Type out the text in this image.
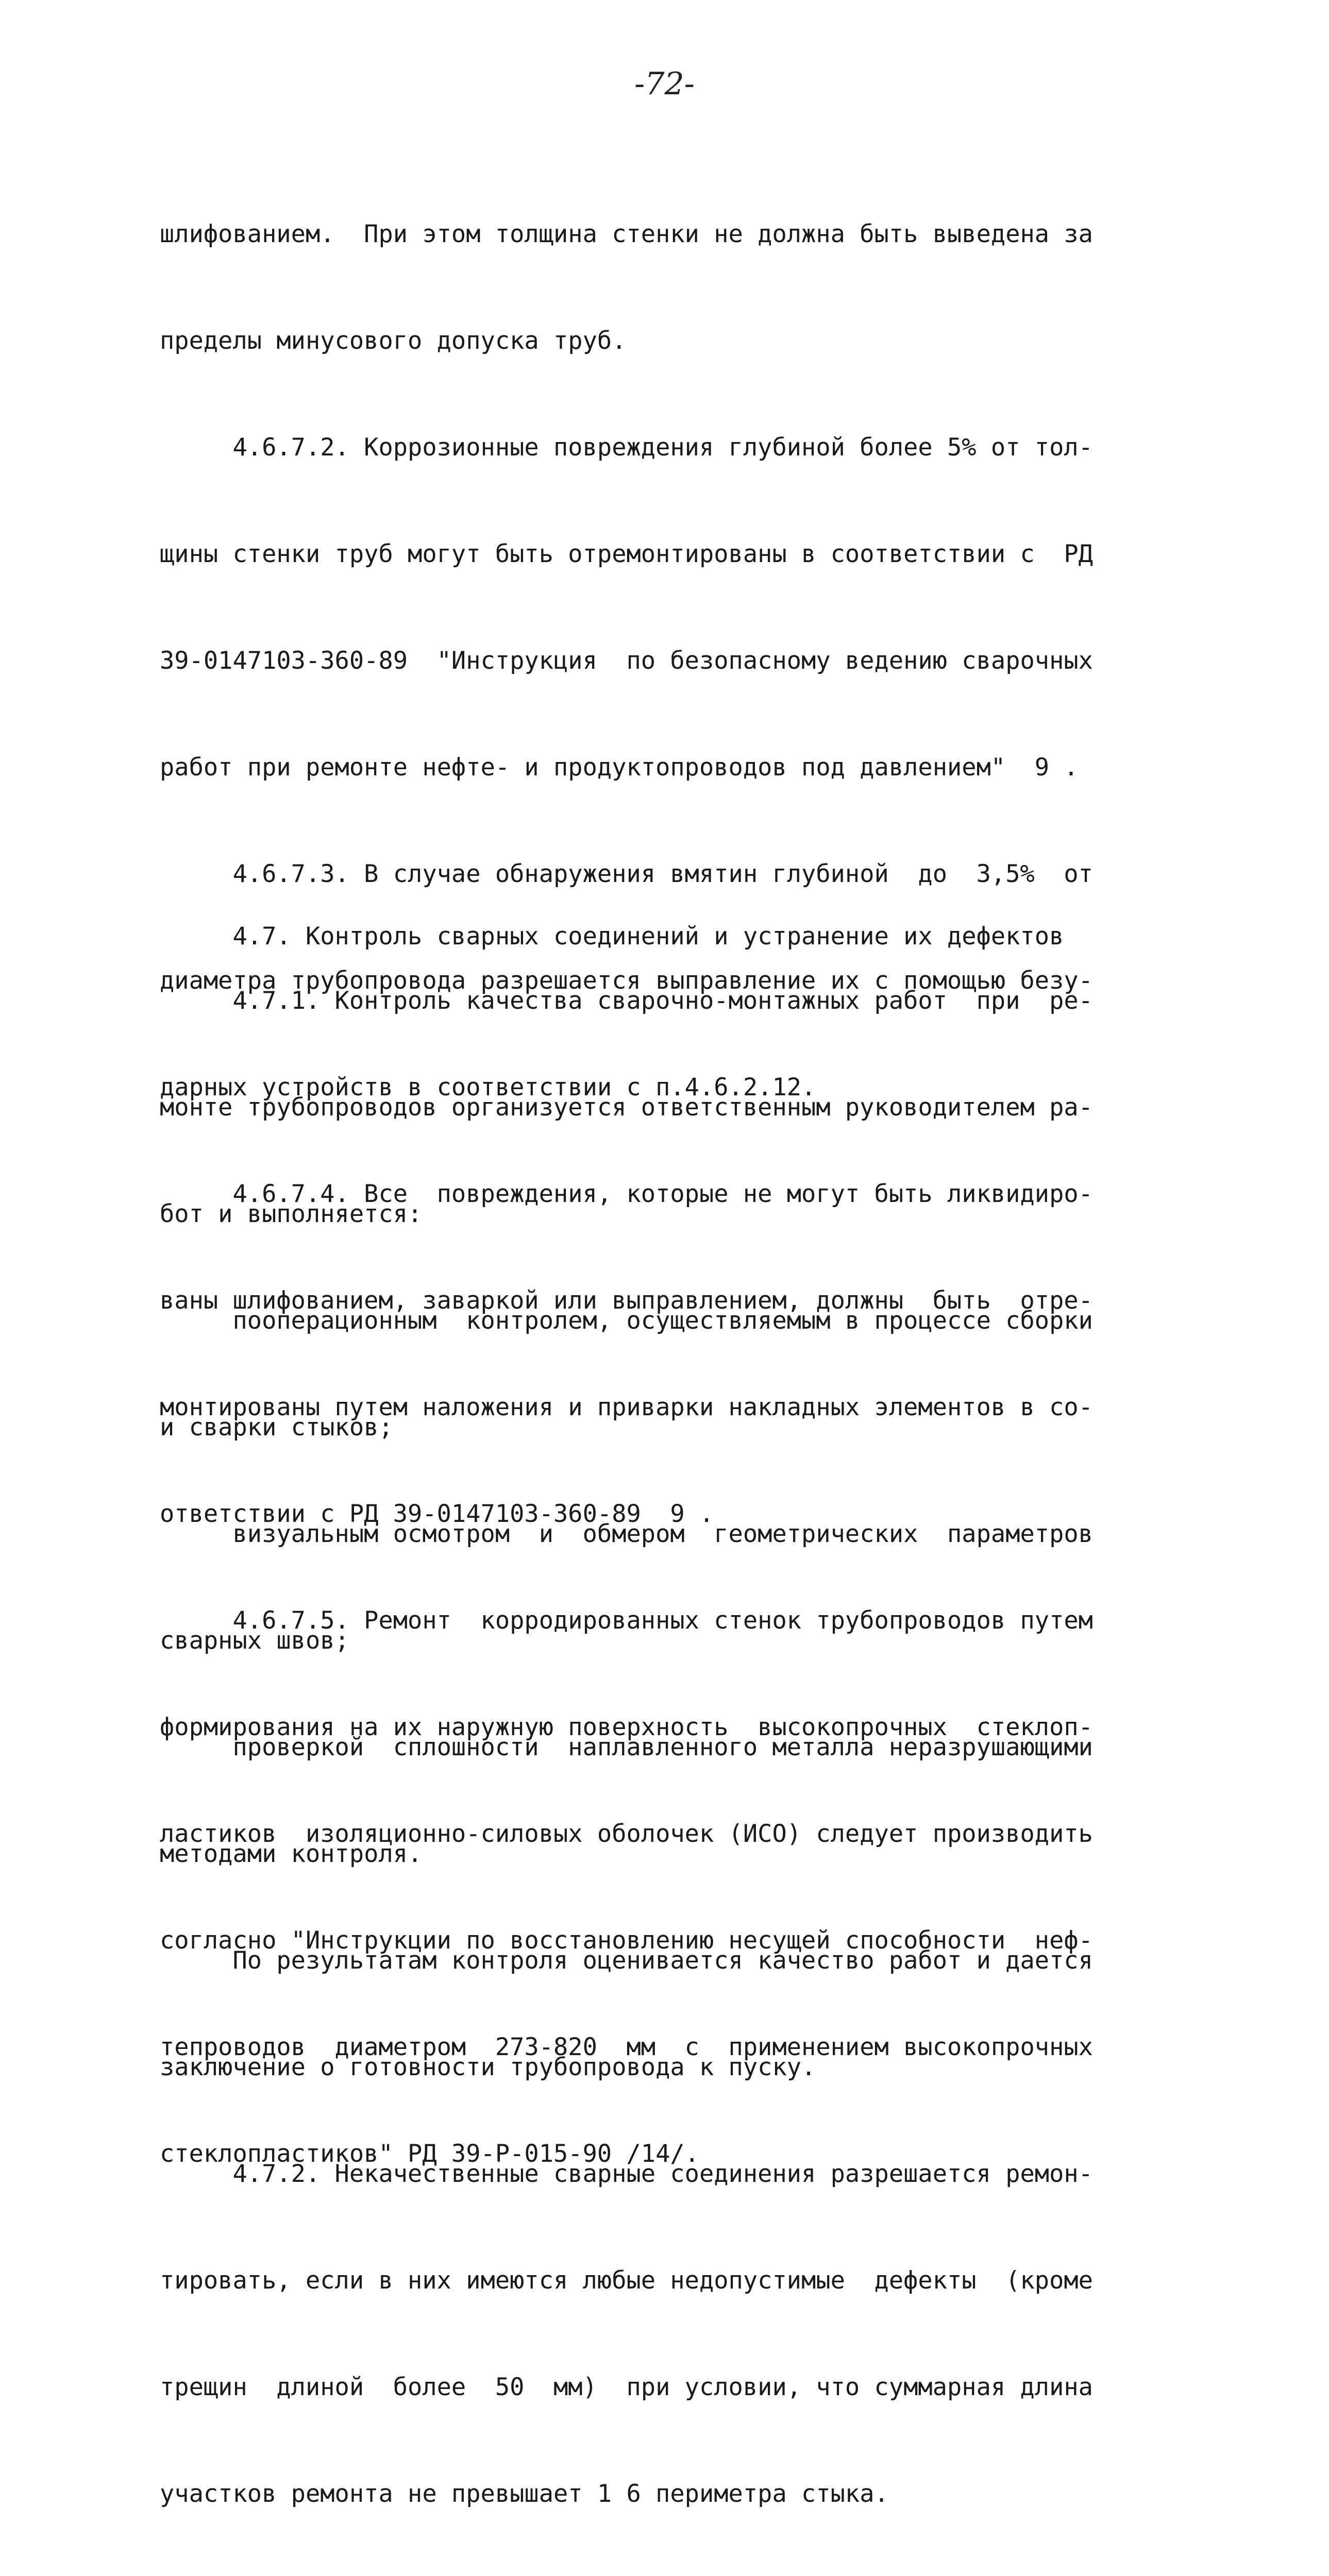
-72-

шлифованием.  При этом толщина стенки не должна быть выведена за

пределы минусового допуска труб.

4.6.7.2. Коррозионные повреждения глубиной более 5% от тол-

щины стенки труб могут быть отремонтированы в соответствии с  РД

39-0147103-360-89  "Инструкция  по безопасному ведению сварочных

работ при ремонте нефте- и продуктопроводов под давлением"  9 .

4.6.7.3. В случае обнаружения вмятин глубиной  до  3,5%  от

диаметра трубопровода разрешается выправление их с помощью безу-

дарных устройств в соответствии с п.4.6.2.12.

4.6.7.4. Все  повреждения, которые не могут быть ликвидиро-

ваны шлифованием, заваркой или выправлением, должны  быть  отре-

монтированы путем наложения и приварки накладных элементов в со-

ответствии с РД 39-0147103-360-89  9 .

4.6.7.5. Ремонт  корродированных стенок трубопроводов путем

формирования на их наружную поверхность  высокопрочных  стеклоп-

ластиков  изоляционно-силовых оболочек (ИСО) следует производить

согласно "Инструкции по восстановлению несущей способности  неф-

тепроводов  диаметром  273-820  мм  с  применением высокопрочных

стеклопластиков" РД 39-Р-015-90 /14/.

4.7. Контроль сварных соединений и устранение их дефектов

4.7.1. Контроль качества сварочно-монтажных работ  при  ре-

монте трубопроводов организуется ответственным руководителем ра-

бот и выполняется:

пооперационным  контролем, осуществляемым в процессе сборки

и сварки стыков;

визуальным осмотром  и  обмером  геометрических  параметров

сварных швов;

проверкой  сплошности  наплавленного металла неразрушающими

методами контроля.

По результатам контроля оценивается качество работ и дается

заключение о готовности трубопровода к пуску.

4.7.2. Некачественные сварные соединения разрешается ремон-

тировать, если в них имеются любые недопустимые  дефекты  (кроме

трещин  длиной  более  50  мм)  при условии, что суммарная длина

участков ремонта не превышает 1 6 периметра стыка.
